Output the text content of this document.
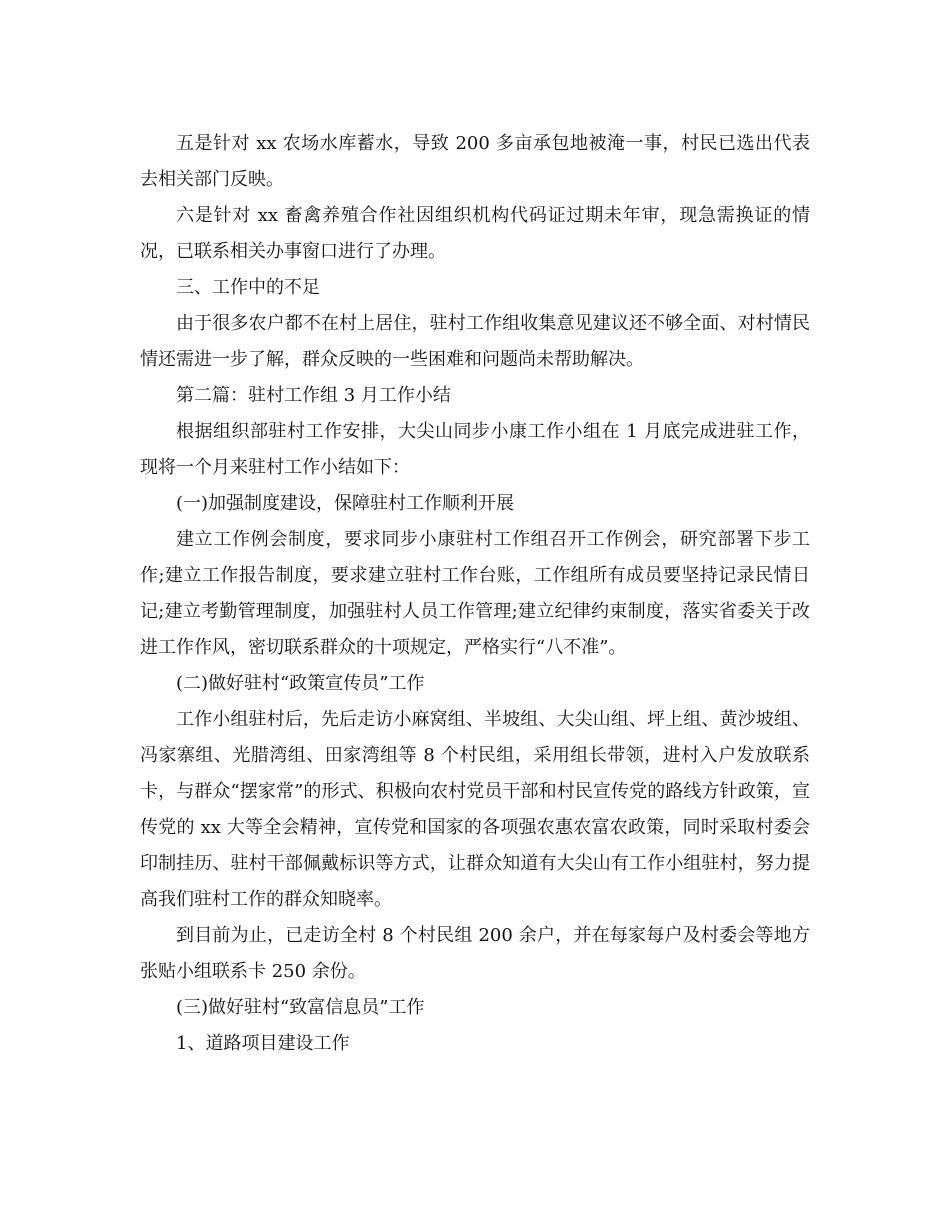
五是针对 xx 农场水库蓄水，导致 200 多亩承包地被淹一事，村民已选出代表去相关部门反映。

六是针对 xx 畜禽养殖合作社因组织机构代码证过期未年审，现急需换证的情况，已联系相关办事窗口进行了办理。

三、工作中的不足

由于很多农户都不在村上居住，驻村工作组收集意见建议还不够全面、对村情民情还需进一步了解，群众反映的一些困难和问题尚未帮助解决。

第二篇：驻村工作组 3 月工作小结

根据组织部驻村工作安排，大尖山同步小康工作小组在 1 月底完成进驻工作，现将一个月来驻村工作小结如下：

(一)加强制度建设，保障驻村工作顺利开展

建立工作例会制度，要求同步小康驻村工作组召开工作例会，研究部署下步工作;建立工作报告制度，要求建立驻村工作台账，工作组所有成员要坚持记录民情日记;建立考勤管理制度，加强驻村人员工作管理;建立纪律约束制度，落实省委关于改进工作作风，密切联系群众的十项规定，严格实行“八不准”。

(二)做好驻村“政策宣传员”工作

工作小组驻村后，先后走访小麻窝组、半坡组、大尖山组、坪上组、黄沙坡组、冯家寨组、光腊湾组、田家湾组等 8 个村民组，采用组长带领，进村入户发放联系卡，与群众“摆家常”的形式、积极向农村党员干部和村民宣传党的路线方针政策，宣传党的 xx 大等全会精神，宣传党和国家的各项强农惠农富农政策，同时采取村委会印制挂历、驻村干部佩戴标识等方式，让群众知道有大尖山有工作小组驻村，努力提高我们驻村工作的群众知晓率。

到目前为止，已走访全村 8 个村民组 200 余户，并在每家每户及村委会等地方张贴小组联系卡 250 余份。

(三)做好驻村“致富信息员”工作

1、道路项目建设工作
